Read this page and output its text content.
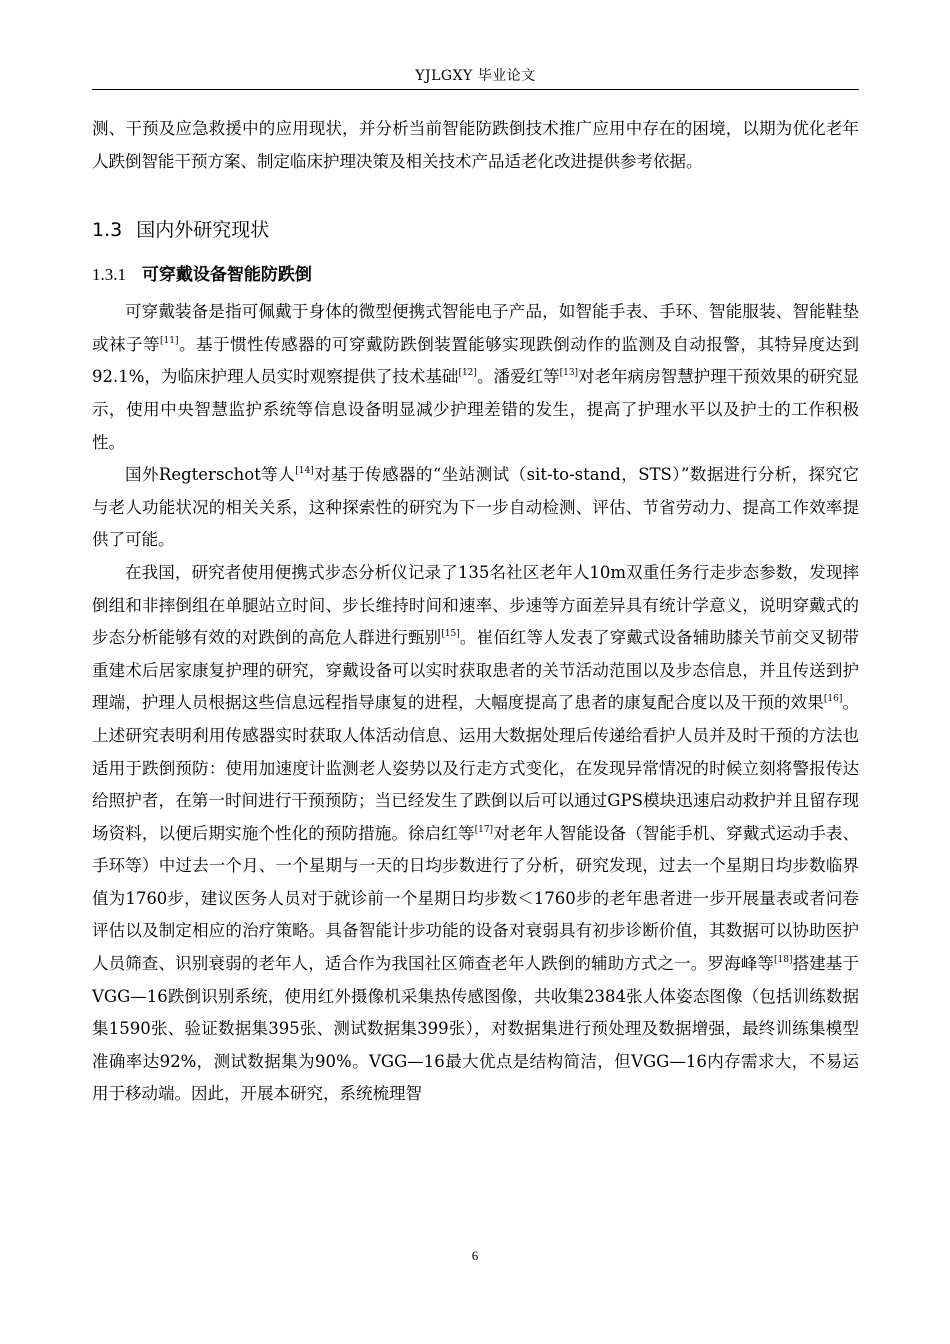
YJLGXY 毕业论文

测、干预及应急救援中的应用现状，并分析当前智能防跌倒技术推广应用中存在的困境，以期为优化老年人跌倒智能干预方案、制定临床护理决策及相关技术产品适老化改进提供参考依据。

1.3 国内外研究现状
1.3.1 可穿戴设备智能防跌倒

可穿戴装备是指可佩戴于身体的微型便携式智能电子产品，如智能手表、手环、智能服装、智能鞋垫或袜子等[11]。基于惯性传感器的可穿戴防跌倒装置能够实现跌倒动作的监测及自动报警，其特异度达到92.1%，为临床护理人员实时观察提供了技术基础[12]。潘爱红等[13]对老年病房智慧护理干预效果的研究显示，使用中央智慧监护系统等信息设备明显减少护理差错的发生，提高了护理水平以及护士的工作积极性。

国外Regterschot等人[14]对基于传感器的“坐站测试（sit-to-stand，STS）”数据进行分析，探究它与老人功能状况的相关关系，这种探索性的研究为下一步自动检测、评估、节省劳动力、提高工作效率提供了可能。

在我国，研究者使用便携式步态分析仪记录了135名社区老年人10m双重任务行走步态参数，发现摔倒组和非摔倒组在单腿站立时间、步长维持时间和速率、步速等方面差异具有统计学意义，说明穿戴式的步态分析能够有效的对跌倒的高危人群进行甄别[15]。崔佰红等人发表了穿戴式设备辅助膝关节前交叉韧带重建术后居家康复护理的研究，穿戴设备可以实时获取患者的关节活动范围以及步态信息，并且传送到护理端，护理人员根据这些信息远程指导康复的进程，大幅度提高了患者的康复配合度以及干预的效果[16]。上述研究表明利用传感器实时获取人体活动信息、运用大数据处理后传递给看护人员并及时干预的方法也适用于跌倒预防：使用加速度计监测老人姿势以及行走方式变化，在发现异常情况的时候立刻将警报传达给照护者，在第一时间进行干预预防；当已经发生了跌倒以后可以通过GPS模块迅速启动救护并且留存现场资料，以便后期实施个性化的预防措施。徐启红等[17]对老年人智能设备（智能手机、穿戴式运动手表、手环等）中过去一个月、一个星期与一天的日均步数进行了分析，研究发现，过去一个星期日均步数临界值为1760步，建议医务人员对于就诊前一个星期日均步数＜1760步的老年患者进一步开展量表或者问卷评估以及制定相应的治疗策略。具备智能计步功能的设备对衰弱具有初步诊断价值，其数据可以协助医护人员筛查、识别衰弱的老年人，适合作为我国社区筛查老年人跌倒的辅助方式之一。罗海峰等[18]搭建基于VGG—16跌倒识别系统，使用红外摄像机采集热传感图像，共收集2384张人体姿态图像（包括训练数据集1590张、验证数据集395张、测试数据集399张），对数据集进行预处理及数据增强，最终训练集模型准确率达92%，测试数据集为90%。VGG—16最大优点是结构简洁，但VGG—16内存需求大，不易运用于移动端。因此，开展本研究，系统梳理智

6
